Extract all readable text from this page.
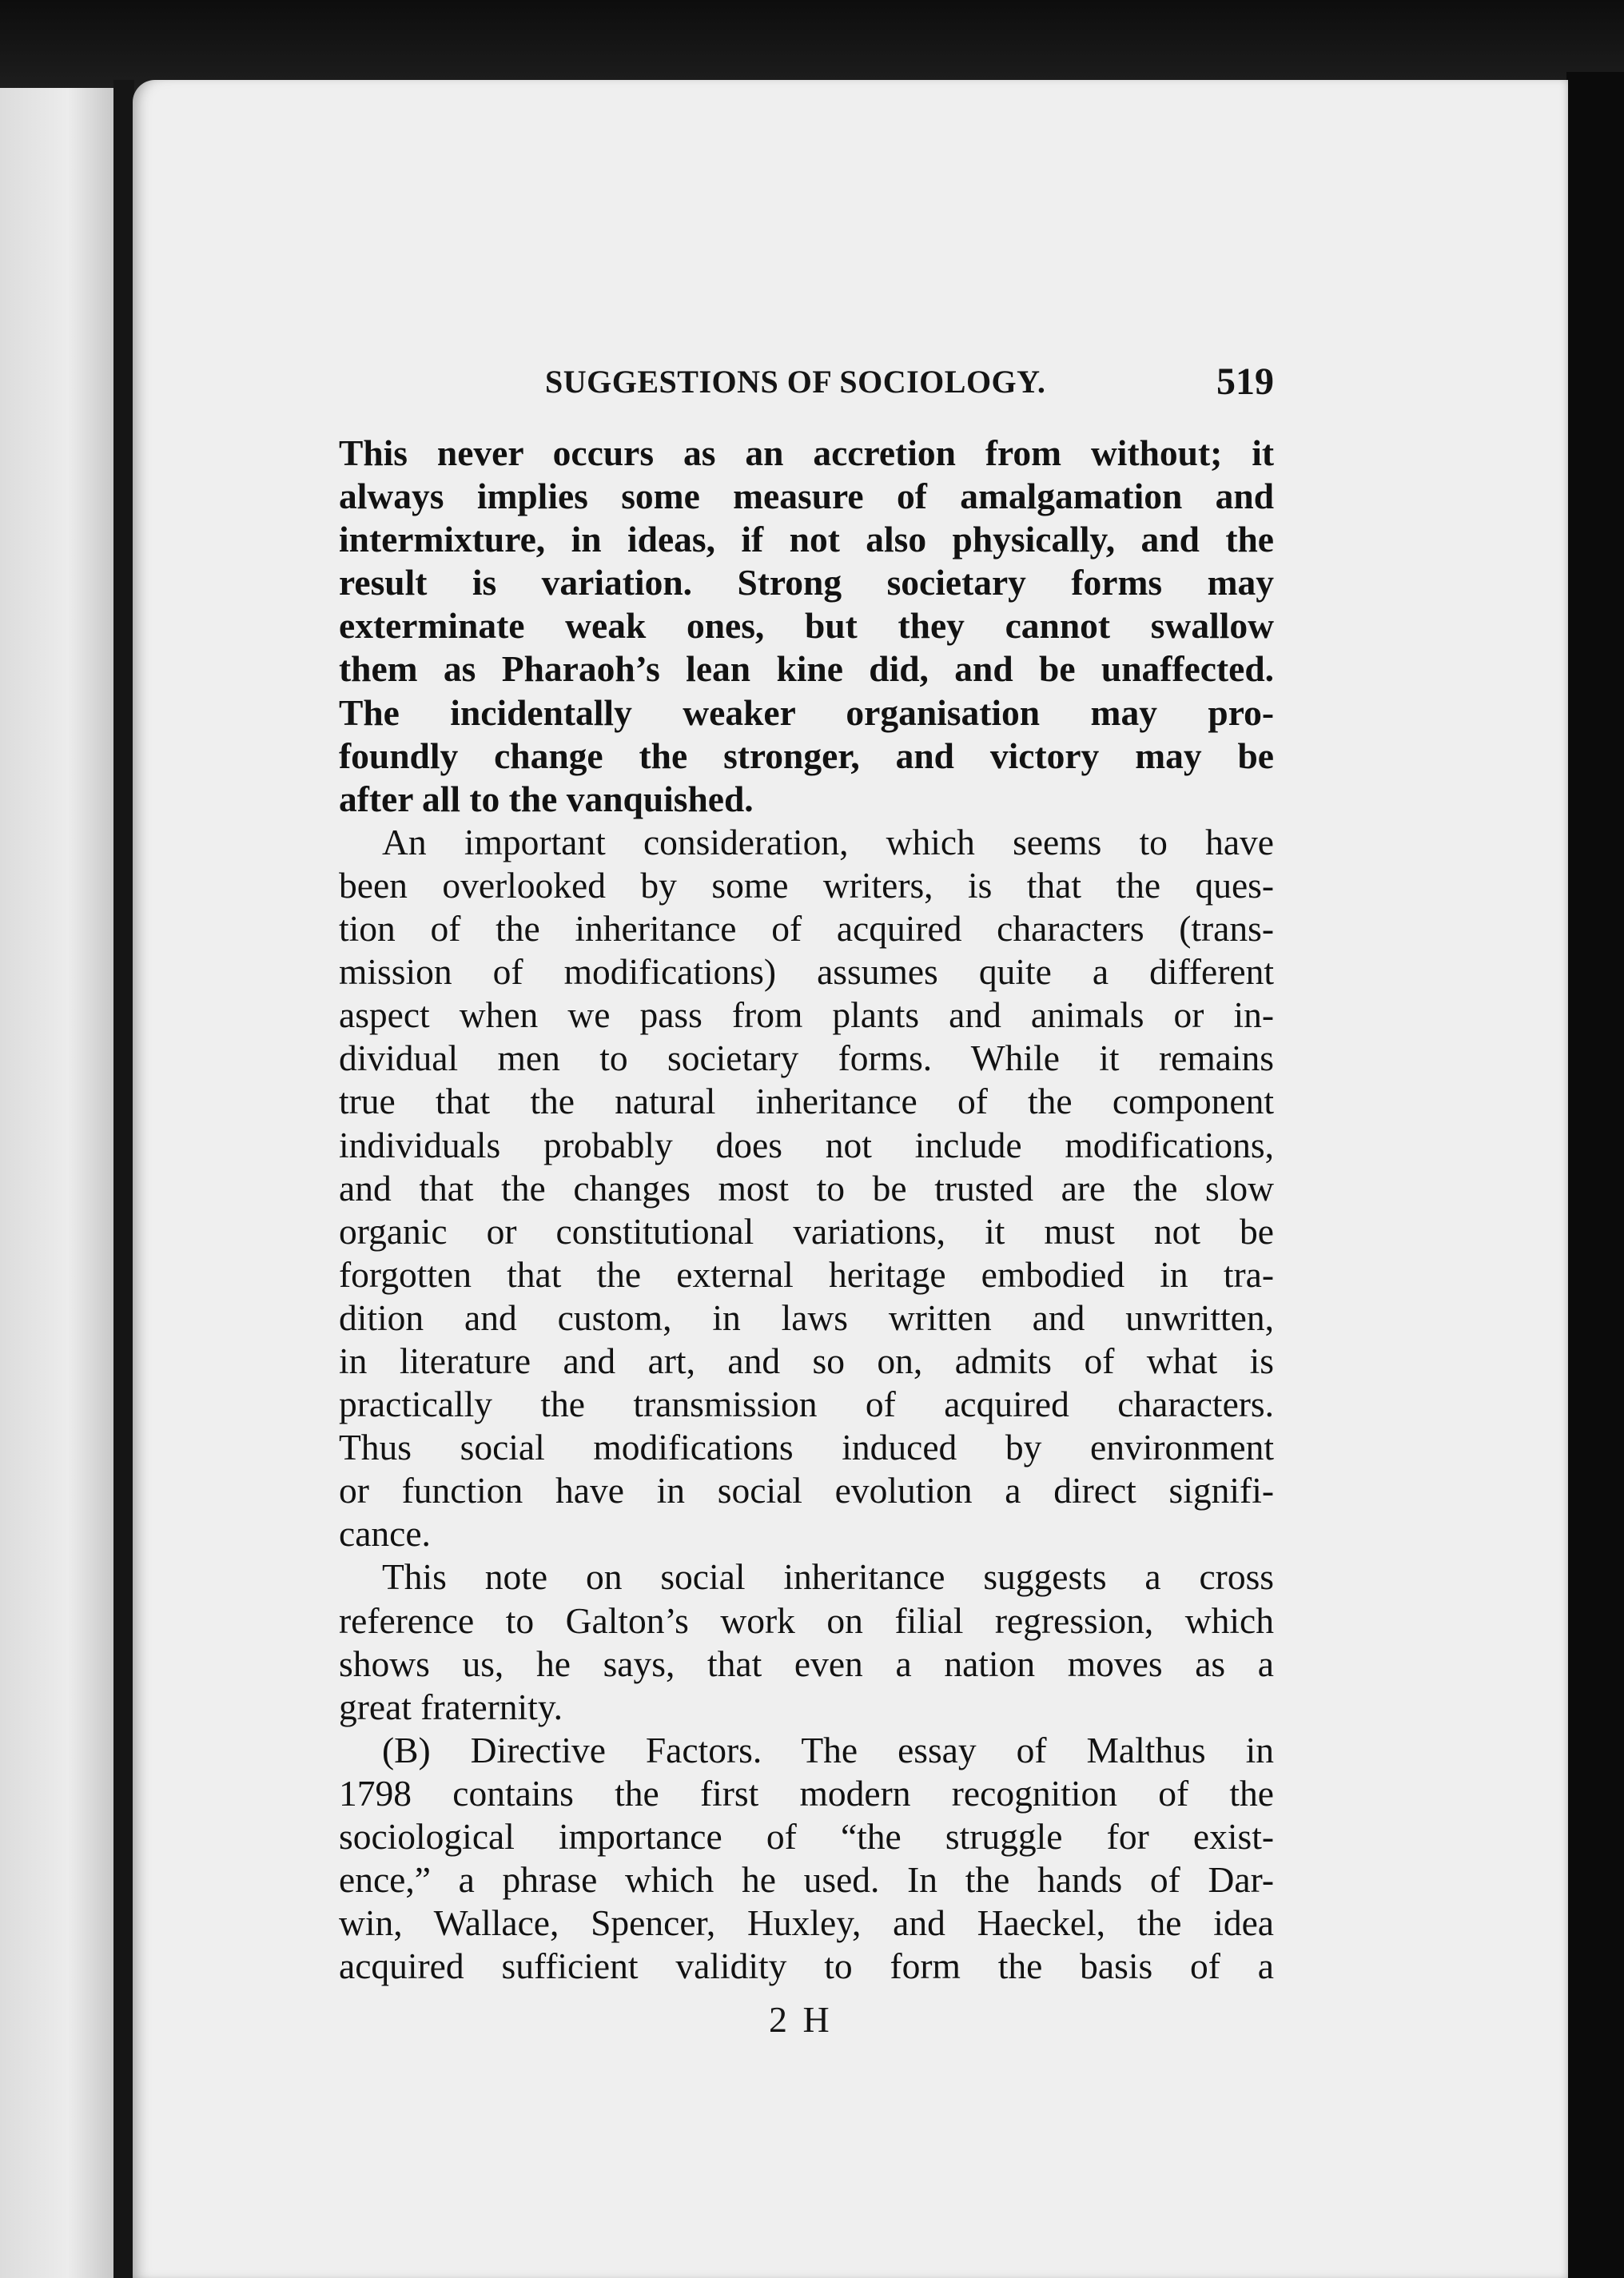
SUGGESTIONS OF SOCIOLOGY.	519
This never occurs as an accretion from without; it
always implies some measure of amalgamation and
intermixture, in ideas, if not also physically, and the
result is variation. Strong societary forms may
exterminate weak ones, but they cannot swallow
them as Pharaoh’s lean kine did, and be unaffected.
The incidentally weaker organisation may pro-
foundly change the stronger, and victory may be
after all to the vanquished.
An important consideration, which seems to have
been overlooked by some writers, is that the ques-
tion of the inheritance of acquired characters (trans-
mission of modifications) assumes quite a different
aspect when we pass from plants and animals or in-
dividual men to societary forms. While it remains
true that the natural inheritance of the component
individuals probably does not include modifications,
and that the changes most to be trusted are the slow
organic or constitutional variations, it must not be
forgotten that the external heritage embodied in tra-
dition and custom, in laws written and unwritten,
in literature and art, and so on, admits of what is
practically the transmission of acquired characters.
Thus social modifications induced by environment
or function have in social evolution a direct signifi-
cance.
This note on social inheritance suggests a cross
reference to Galton’s work on filial regression, which
shows us, he says, that even a nation moves as a
great fraternity.
(B) Directive Factors. The essay of Malthus in
1798 contains the first modern recognition of the
sociological importance of “the struggle for exist-
ence,” a phrase which he used. In the hands of Dar-
win, Wallace, Spencer, Huxley, and Haeckel, the idea
acquired sufficient validity to form the basis of a
2 H
